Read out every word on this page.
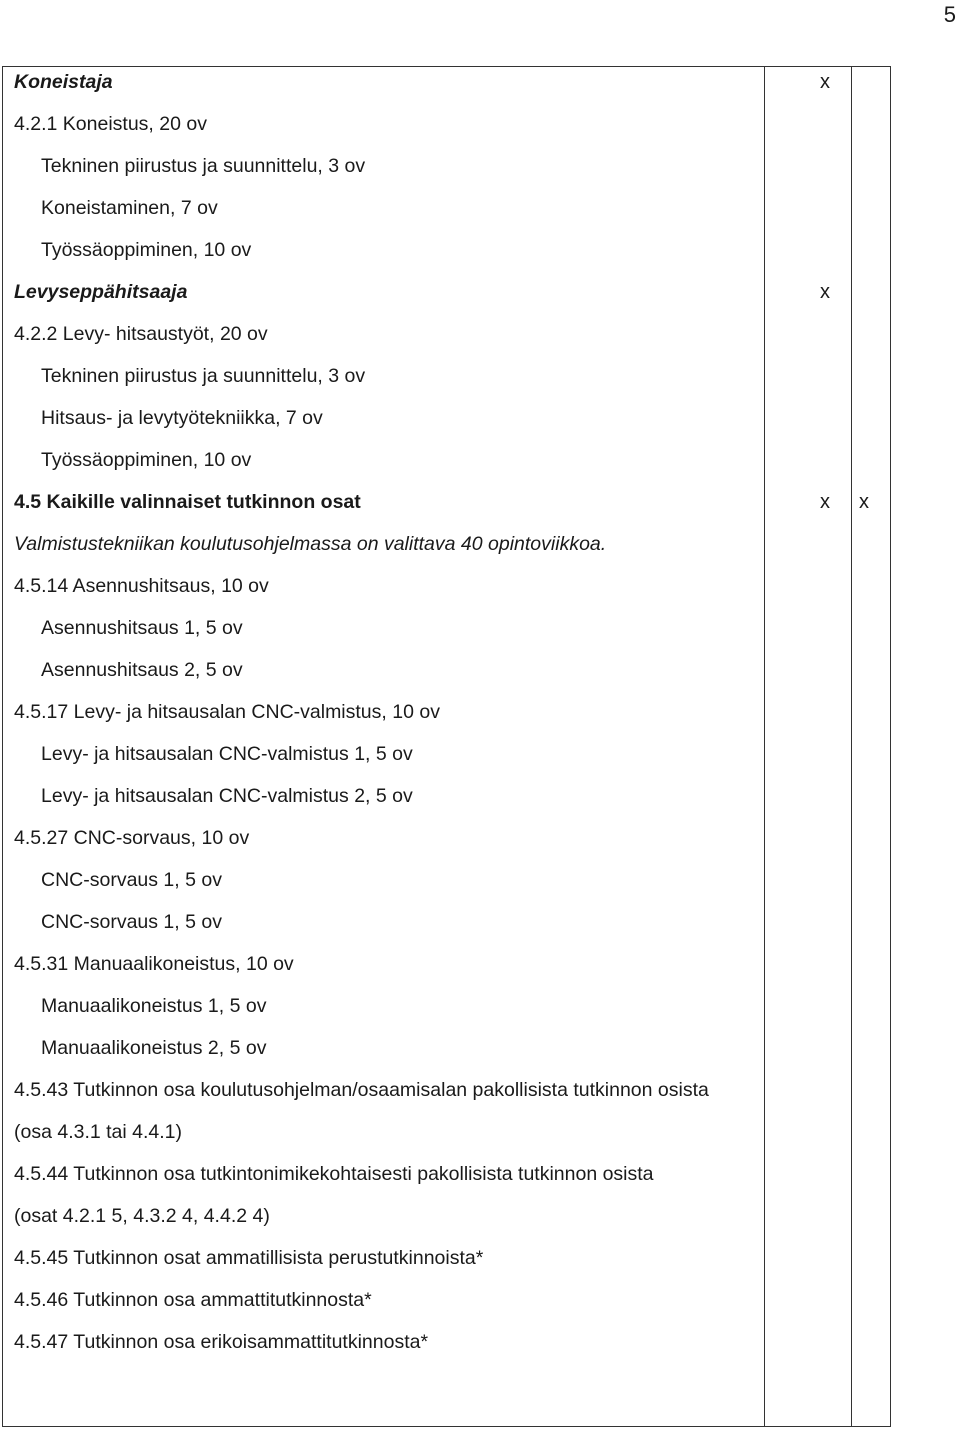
5
Koneistaja
4.2.1 Koneistus, 20 ov
Tekninen piirustus ja suunnittelu, 3 ov
Koneistaminen, 7 ov
Työssäoppiminen, 10 ov
Levyseppähitsaaja
4.2.2 Levy- hitsaustyöt, 20 ov
Tekninen piirustus ja suunnittelu, 3 ov
Hitsaus- ja levytyötekniikka, 7 ov
Työssäoppiminen, 10 ov
4.5 Kaikille valinnaiset tutkinnon osat
Valmistustekniikan koulutusohjelmassa on valittava 40 opintoviikkoa.
4.5.14 Asennushitsaus, 10 ov
Asennushitsaus 1, 5 ov
Asennushitsaus 2, 5 ov
4.5.17 Levy- ja hitsausalan CNC-valmistus, 10 ov
Levy- ja hitsausalan CNC-valmistus 1, 5 ov
Levy- ja hitsausalan CNC-valmistus 2, 5 ov
4.5.27 CNC-sorvaus, 10 ov
CNC-sorvaus 1, 5 ov
CNC-sorvaus 1, 5 ov
4.5.31 Manuaalikoneistus, 10 ov
Manuaalikoneistus 1, 5 ov
Manuaalikoneistus 2, 5 ov
4.5.43 Tutkinnon osa koulutusohjelman/osaamisalan pakollisista tutkinnon osista
(osa 4.3.1 tai 4.4.1)
4.5.44 Tutkinnon osa tutkintonimikekohtaisesti pakollisista tutkinnon osista
(osat 4.2.1 5, 4.3.2 4, 4.4.2 4)
4.5.45 Tutkinnon osat ammatillisista perustutkinnoista*
4.5.46 Tutkinnon osa ammattitutkinnosta*
4.5.47 Tutkinnon osa erikoisammattitutkinnosta*
x
x
x x
